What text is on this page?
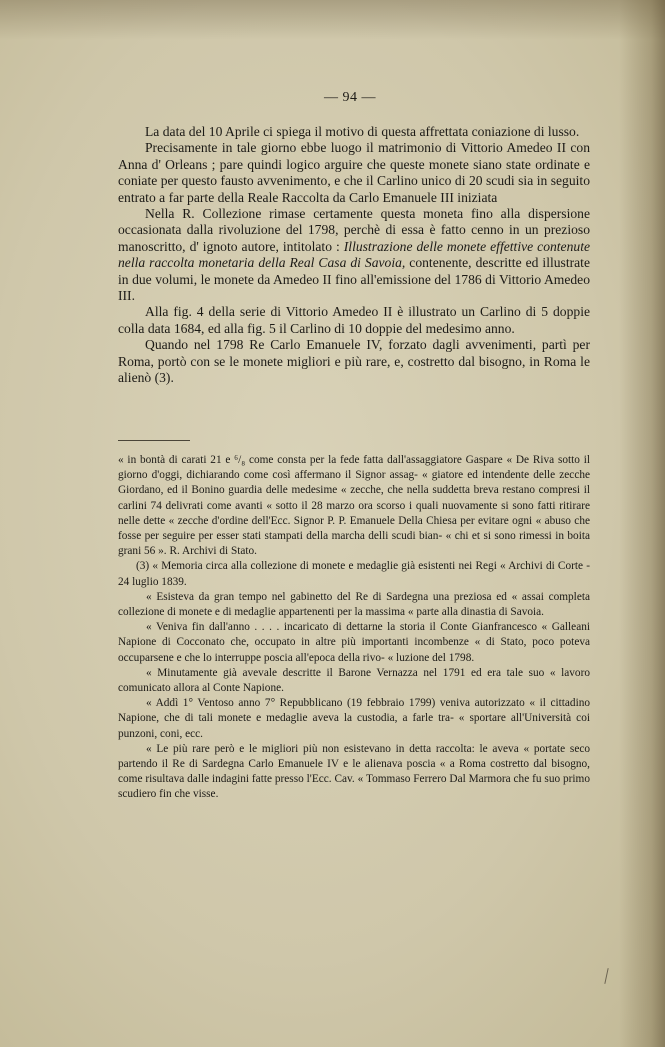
— 94 —

La data del 10 Aprile ci spiega il motivo di questa affrettata coniazione di lusso.

Precisamente in tale giorno ebbe luogo il matrimonio di Vittorio Amedeo II con Anna d' Orleans ; pare quindi logico arguire che queste monete siano state ordinate e coniate per questo fausto avvenimento, e che il Carlino unico di 20 scudi sia in seguito entrato a far parte della Reale Raccolta da Carlo Emanuele III iniziata

Nella R. Collezione rimase certamente questa moneta fino alla dispersione occasionata dalla rivoluzione del 1798, perchè di essa è fatto cenno in un prezioso manoscritto, d' ignoto autore, intitolato : Illustrazione delle monete effettive contenute nella raccolta monetaria della Real Casa di Savoia, contenente, descritte ed illustrate in due volumi, le monete da Amedeo II fino all'emissione del 1786 di Vittorio Amedeo III.

Alla fig. 4 della serie di Vittorio Amedeo II è illustrato un Carlino di 5 doppie colla data 1684, ed alla fig. 5 il Carlino di 10 doppie del medesimo anno.

Quando nel 1798 Re Carlo Emanuele IV, forzato dagli avvenimenti, partì per Roma, portò con se le monete migliori e più rare, e, costretto dal bisogno, in Roma le alienò (3).

« in bontà di carati 21 e ⁶/₈ come consta per la fede fatta dall'assaggiatore Gaspare « De Riva sotto il giorno d'oggi, dichiarando come così affermano il Signor assag- « giatore ed intendente delle zecche Giordano, ed il Bonino guardia delle medesime « zecche, che nella suddetta breva restano compresi il carlini 74 delivrati come avanti « sotto il 28 marzo ora scorso i quali nuovamente si sono fatti ritirare nelle dette « zecche d'ordine dell'Ecc. Signor P. P. Emanuele Della Chiesa per evitare ogni « abuso che fosse per seguire per esser stati stampati della marcha delli scudi bian- « chi et si sono rimessi in boita grani 56 ». R. Archivi di Stato.

(3) « Memoria circa alla collezione di monete e medaglie già esistenti nei Regi « Archivi di Corte - 24 luglio 1839.

« Esisteva da gran tempo nel gabinetto del Re di Sardegna una preziosa ed « assai completa collezione di monete e di medaglie appartenenti per la massima « parte alla dinastia di Savoia.

« Veniva fin dall'anno . . . . incaricato di dettarne la storia il Conte Gianfrancesco « Galleani Napione di Cocconato che, occupato in altre più importanti incombenze « di Stato, poco poteva occuparsene e che lo interruppe poscia all'epoca della rivo- « luzione del 1798.

« Minutamente già avevale descritte il Barone Vernazza nel 1791 ed era tale suo « lavoro comunicato allora al Conte Napione.

« Addì 1° Ventoso anno 7° Repubblicano (19 febbraio 1799) veniva autorizzato « il cittadino Napione, che di tali monete e medaglie aveva la custodia, a farle tra- « sportare all'Università coi punzoni, coni, ecc.

« Le più rare però e le migliori più non esistevano in detta raccolta: le aveva « portate seco partendo il Re di Sardegna Carlo Emanuele IV e le alienava poscia « a Roma costretto dal bisogno, come risultava dalle indagini fatte presso l'Ecc. Cav. « Tommaso Ferrero Dal Marmora che fu suo primo scudiero fin che visse.
